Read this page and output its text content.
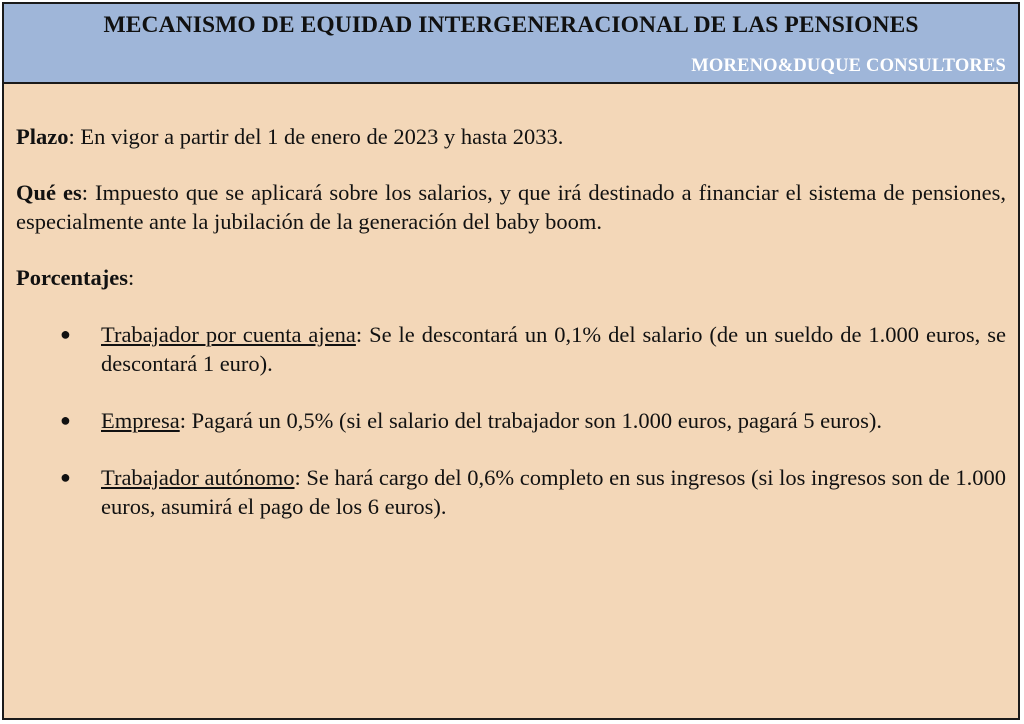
MECANISMO DE EQUIDAD INTERGENERACIONAL DE LAS PENSIONES
MORENO&DUQUE CONSULTORES

Plazo: En vigor a partir del 1 de enero de 2023 y hasta 2033.

Qué es: Impuesto que se aplicará sobre los salarios, y que irá destinado a financiar el sistema de pensiones, especialmente ante la jubilación de la generación del baby boom.

Porcentajes:

● Trabajador por cuenta ajena: Se le descontará un 0,1% del salario (de un sueldo de 1.000 euros, se descontará 1 euro).
● Empresa: Pagará un 0,5% (si el salario del trabajador son 1.000 euros, pagará 5 euros).
● Trabajador autónomo: Se hará cargo del 0,6% completo en sus ingresos (si los ingresos son de 1.000 euros, asumirá el pago de los 6 euros).
